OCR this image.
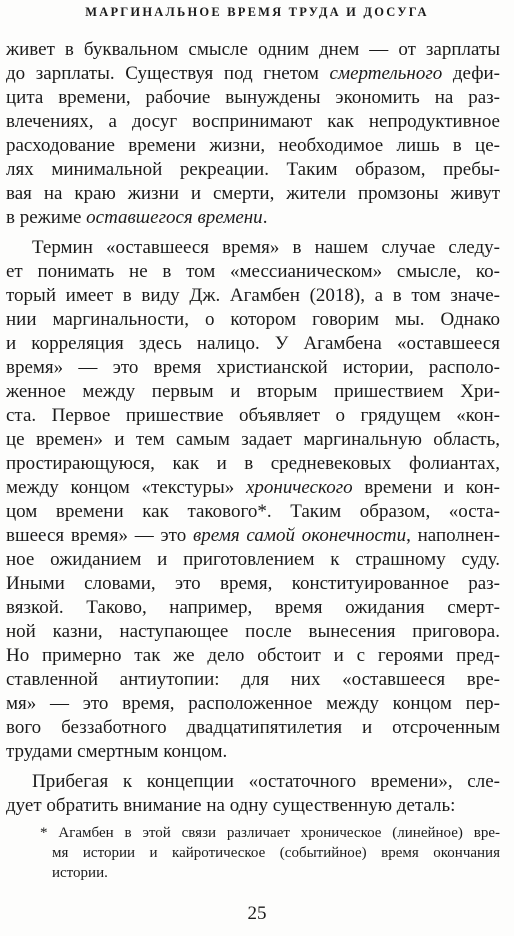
МАРГИНАЛЬНОЕ ВРЕМЯ ТРУДА И ДОСУГА
живет в буквальном смысле одним днем — от зарплаты
до зарплаты. Существуя под гнетом смертельного дефи-
цита времени, рабочие вынуждены экономить на раз-
влечениях, а досуг воспринимают как непродуктивное
расходование времени жизни, необходимое лишь в це-
лях минимальной рекреации. Таким образом, пребы-
вая на краю жизни и смерти, жители промзоны живут
в режиме оставшегося времени.
Термин «оставшееся время» в нашем случае следу-
ет понимать не в том «мессианическом» смысле, ко-
торый имеет в виду Дж. Агамбен (2018), а в том значе-
нии маргинальности, о котором говорим мы. Однако
и корреляция здесь налицо. У Агамбена «оставшееся
время» — это время христианской истории, располо-
женное между первым и вторым пришествием Хри-
ста. Первое пришествие объявляет о грядущем «кон-
це времен» и тем самым задает маргинальную область,
простирающуюся, как и в средневековых фолиантах,
между концом «текстуры» хронического времени и кон-
цом времени как такового*. Таким образом, «оста-
вшееся время» — это время самой оконечности, наполнен-
ное ожиданием и приготовлением к страшному суду.
Иными словами, это время, конституированное раз-
вязкой. Таково, например, время ожидания смерт-
ной казни, наступающее после вынесения приговора.
Но примерно так же дело обстоит и с героями пред-
ставленной антиутопии: для них «оставшееся вре-
мя» — это время, расположенное между концом пер-
вого беззаботного двадцатипятилетия и отсроченным
трудами смертным концом.
Прибегая к концепции «остаточного времени», сле-
дует обратить внимание на одну существенную деталь:
* Агамбен в этой связи различает хроническое (линейное) вре-
мя истории и кайротическое (событийное) время окончания
истории.
25
